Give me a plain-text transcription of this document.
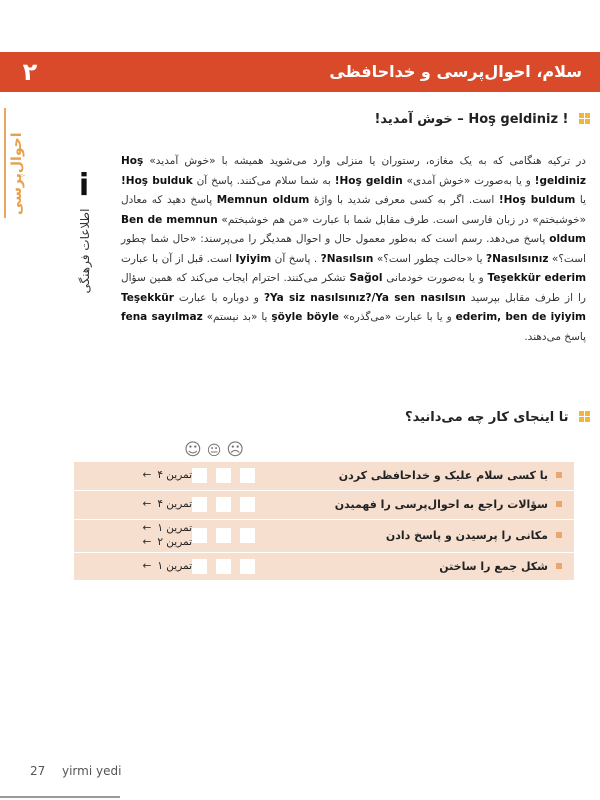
۲	سلام، احوال‌پرسی و خداحافظی
احوال‌پرسی
Hoş geldiniz ! – خوش آمدید!
i
اطلاعات فرهنگی
در ترکیه هنگامی که به یک مغازه، رستوران یا منزلی وارد می‌شوید همیشه با «خوش آمدید» Hoş geldiniz! و یا به‌صورت «خوش آمدی» Hoş geldin! به شما سلام می‌کنند. پاسخ آن Hoş bulduk! یا Hoş buldum! است. اگر به کسی معرفی شدید با واژهٔ Memnun oldum پاسخ دهید که معادل «خوشبختم» در زبان فارسی است. طرف مقابل شما با عبارت «من هم خوشبختم» Ben de memnun oldum پاسخ می‌دهد. رسم است که به‌طور معمول حال و احوال همدیگر را می‌پرسند: «حال شما چطور است؟» Nasılsınız? یا «حالت چطور است؟» Nasılsın? . پاسخ آن Iyiyim است. قبل از آن با عبارت Teşekkür ederim و یا به‌صورت خودمانی Sağol تشکر می‌کنند. احترام ایجاب می‌کند که همین سؤال را از طرف مقابل بپرسید Ya siz nasılsınız?/Ya sen nasılsın? و دوباره با عبارت Teşekkür ederim, ben de iyiyim و یا با عبارت «می‌گذره» şöyle böyle یا «بد نیستم» fena sayılmaz پاسخ می‌دهند.
تا اینجای کار چه می‌دانید؟
☺😐☹
با کسی سلام علیک و خداحافظی کردن
تمرین ۴←
سؤالات راجع به احوال‌پرسی را فهمیدن
تمرین ۴←
مکانی را پرسیدن و پاسخ دادن
تمرین ۱←
تمرین ۲←
شکل جمع را ساختن
تمرین ۱←
27 yirmi yedi
